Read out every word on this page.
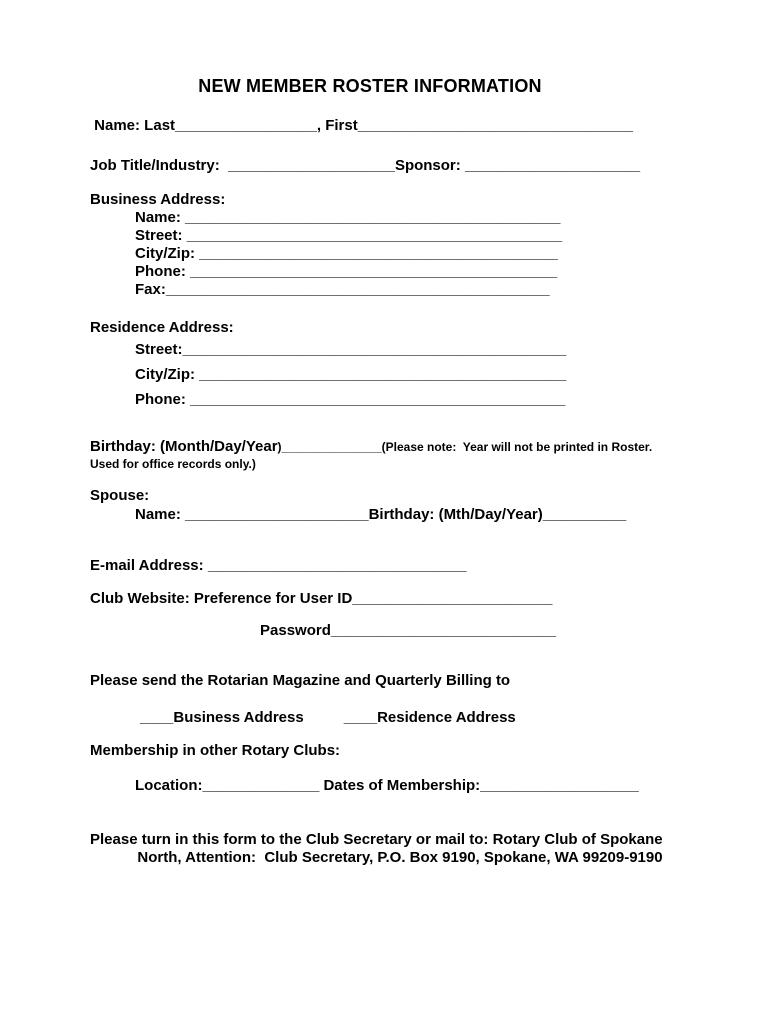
NEW MEMBER ROSTER INFORMATION
Name: Last_________________, First_________________________________
Job Title/Industry:  ____________________Sponsor: _____________________
Business Address:
Name: _____________________________________________
Street: _____________________________________________
City/Zip: ___________________________________________
Phone: ____________________________________________
Fax:______________________________________________
Residence Address:
Street:______________________________________________
City/Zip: ____________________________________________
Phone: _____________________________________________
Birthday: (Month/Day/Year)_______________(Please note:  Year will not be printed in Roster.
Used for office records only.)
Spouse:
Name: ______________________Birthday: (Mth/Day/Year)__________
E-mail Address: _______________________________
Club Website: Preference for User ID________________________
Password___________________________
Please send the Rotarian Magazine and Quarterly Billing to
____Business Address	____Residence Address
Membership in other Rotary Clubs:
Location:______________ Dates of Membership:___________________
Please turn in this form to the Club Secretary or mail to: Rotary Club of Spokane
North, Attention:  Club Secretary, P.O. Box 9190, Spokane, WA 99209-9190
